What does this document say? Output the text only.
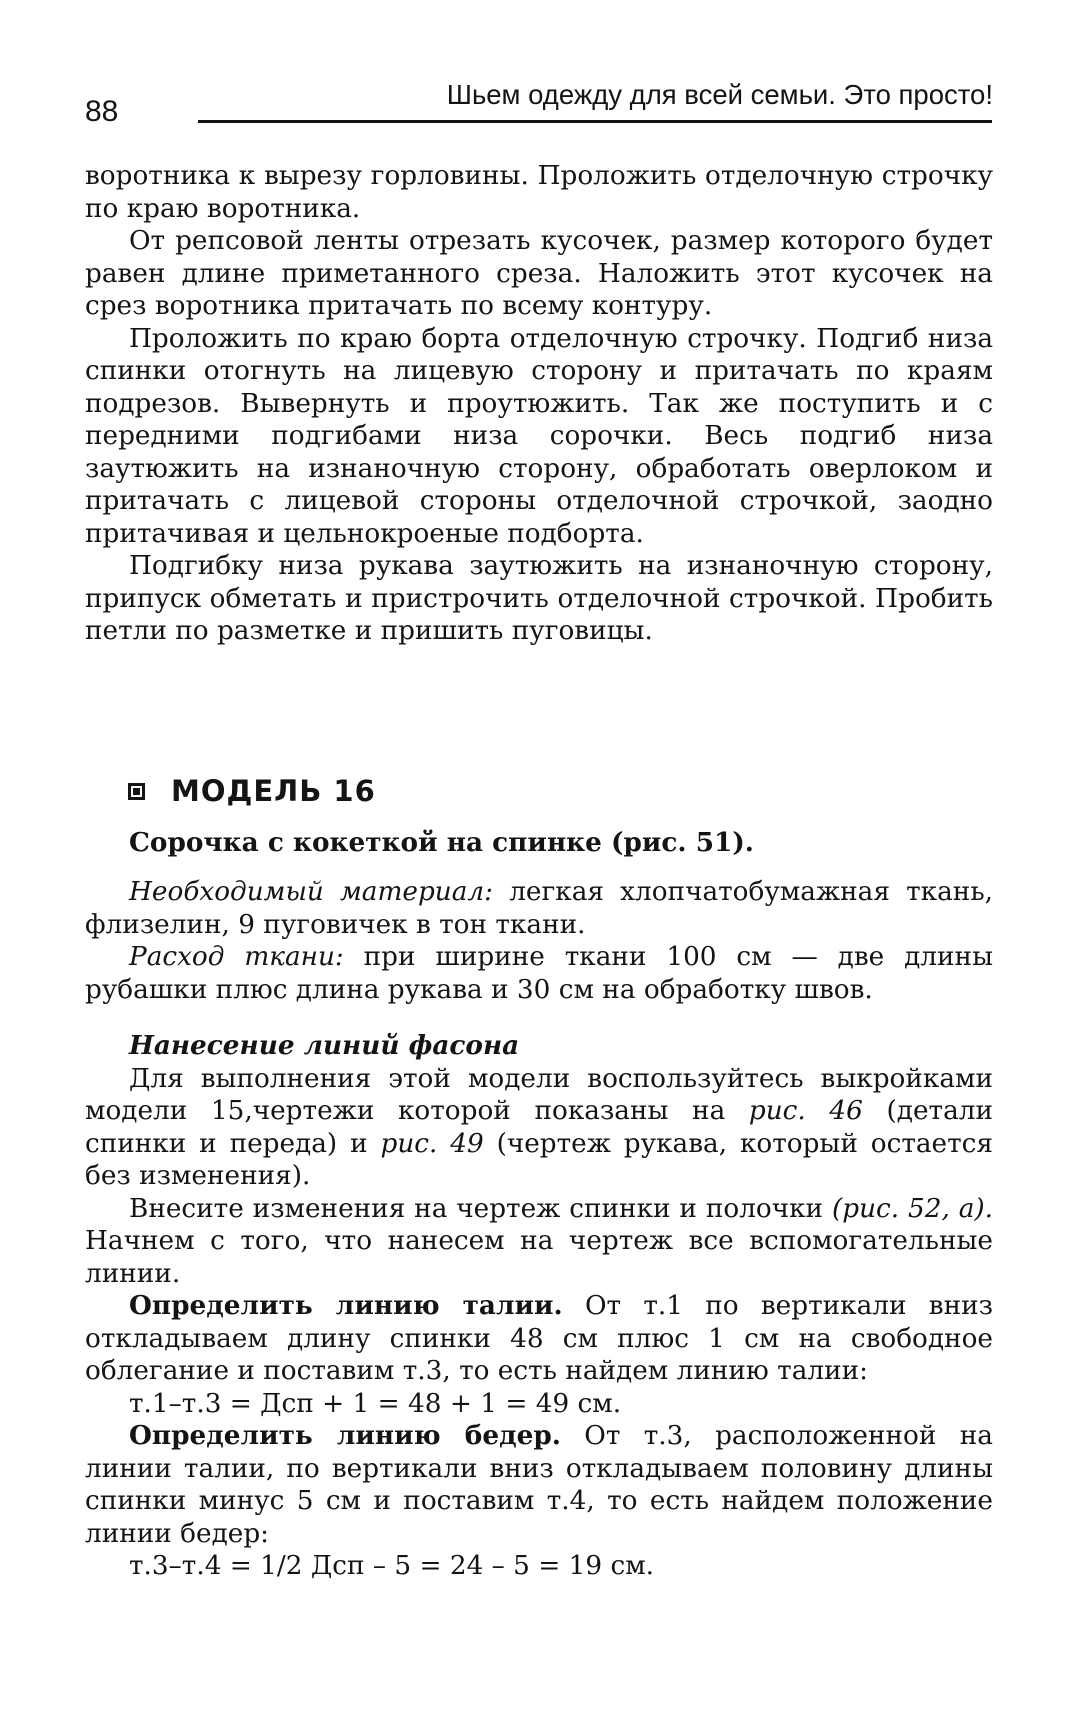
88
Шьем одежду для всей семьи. Это просто!

воротника к вырезу горловины. Проложить отделочную строчку по краю воротника.

От репсовой ленты отрезать кусочек, размер которого будет равен длине приметанного среза. Наложить этот кусочек на срез воротника притачать по всему контуру.

Проложить по краю борта отделочную строчку. Подгиб низа спинки отогнуть на лицевую сторону и притачать по краям подрезов. Вывернуть и проутюжить. Так же поступить и с передними подгибами низа сорочки. Весь подгиб низа заутюжить на изнаночную сторону, обработать оверлоком и притачать с лицевой стороны отделочной строчкой, заодно притачивая и цельнокроеные подборта.

Подгибку низа рукава заутюжить на изнаночную сторону, припуск обметать и пристрочить отделочной строчкой. Пробить петли по разметке и пришить пуговицы.

МОДЕЛЬ 16
Сорочка с кокеткой на спинке (рис. 51).

Необходимый материал: легкая хлопчатобумажная ткань, флизелин, 9 пуговичек в тон ткани.

Расход ткани: при ширине ткани 100 см — две длины рубашки плюс длина рукава и 30 см на обработку швов.

Нанесение линий фасона

Для выполнения этой модели воспользуйтесь выкройками модели 15,чертежи которой показаны на рис. 46 (детали спинки и переда) и рис. 49 (чертеж рукава, который остается без изменения).

Внесите изменения на чертеж спинки и полочки (рис. 52, а). Начнем с того, что нанесем на чертеж все вспомогательные линии.

Определить линию талии. От т.1 по вертикали вниз откладываем длину спинки 48 см плюс 1 см на свободное облегание и поставим т.3, то есть найдем линию талии:

т.1–т.3 = Дсп + 1 = 48 + 1 = 49 см.

Определить линию бедер. От т.3, расположенной на линии талии, по вертикали вниз откладываем половину длины спинки минус 5 см и поставим т.4, то есть найдем положение линии бедер:

т.3–т.4 = 1/2 Дсп – 5 = 24 – 5 = 19 см.
